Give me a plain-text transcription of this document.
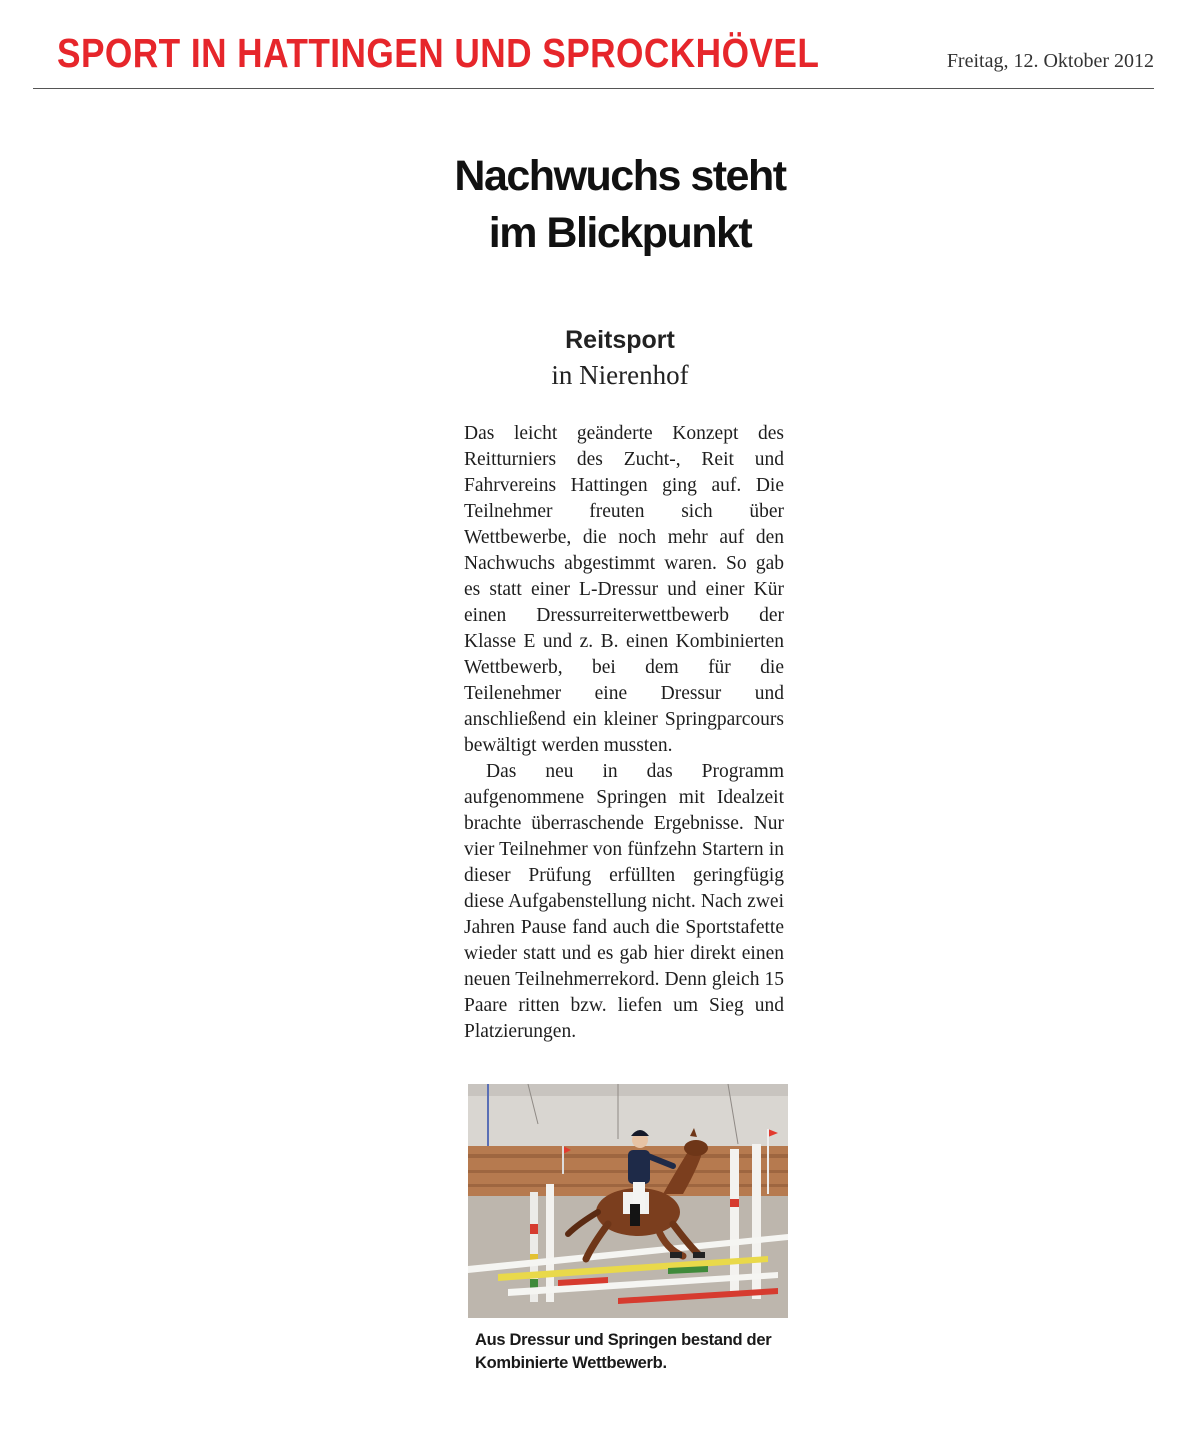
SPORT IN HATTINGEN UND SPROCKHÖVEL	Freitag, 12. Oktober 2012
Nachwuchs steht im Blickpunkt
Reitsport
in Nierenhof

Das leicht geänderte Konzept des Reitturniers des Zucht-, Reit und Fahrvereins Hattingen ging auf. Die Teilnehmer freuten sich über Wettbewerbe, die noch mehr auf den Nachwuchs abgestimmt waren. So gab es statt einer L-Dressur und einer Kür einen Dressurreiterwettbewerb der Klasse E und z. B. einen Kombinierten Wettbewerb, bei dem für die Teilenehmer eine Dressur und anschließend ein kleiner Springparcours bewältigt werden mussten.

Das neu in das Programm aufgenommene Springen mit Idealzeit brachte überraschende Ergebnisse. Nur vier Teilnehmer von fünfzehn Startern in dieser Prüfung erfüllten geringfügig diese Aufgabenstellung nicht. Nach zwei Jahren Pause fand auch die Sportstafette wieder statt und es gab hier direkt einen neuen Teilnehmerrekord. Denn gleich 15 Paare ritten bzw. liefen um Sieg und Platzierungen.

Aus Dressur und Springen bestand der
Kombinierte Wettbewerb.
